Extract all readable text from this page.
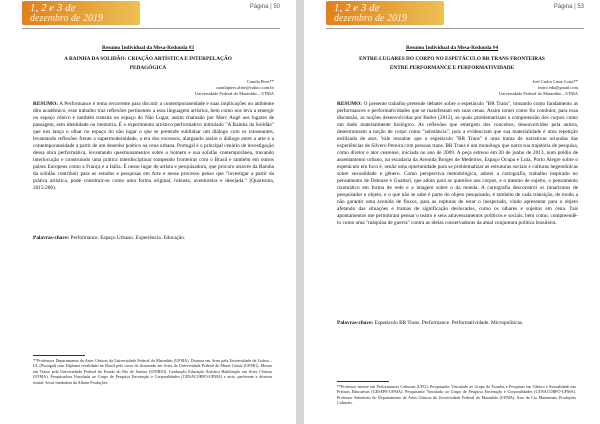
1, 2 e 3 de
dezembro de 2019
Página | 50
Resumo Individual da Mesa-Redonda #3
A RAINHA DA SOLIDÃO: CRIAÇÃO ARTÍSTICA E INTERPELAÇÃO
PEDAGÓGICA
Camila Pires**
camilapires.aline@yahoo.com.br
Universidade Federal do Maranhão – UFMA

RESUMO: A Performance é tema recorrente para discutir a contemporaneidade e suas implicações no ambiente dito acadêmico, esse trabalho traz reflexões pertinentes a essa linguagem artística, bem como nos leva a emergir no espaço cênico e também transita no espaço do Não Lugar, assim chamado por Marc Augé aos lugares de passagem, sem identidade ou memória. É o experimento artístico performativo intitulado "A Rainha da Solidão" que nos lança o olhar no espaço do não lugar o que se pretende sublinhar um diálogo com os transeuntes, levantando reflexões frente a supermodernidade, a era dos excessos, alargando assim o diálogo entre a arte e a contemporaneidade a partir de um desenho poético na cena urbana. Portugal é o principal cenário de investigação dessa obra performática, levantando questionamentos sobre o homem e sua solidão contemporânea, travando interlocução e construindo uma prática interdisciplinar rompendo fronteiras com o Brasil e também em outros países Europeus como a França e a Itália. É nesse lugar de artista e pesquisadora, que procuro através da Rainha da solidão contribuir para os estudos e pesquisas em Arte e nesse processo penso que "investigar a partir da prática artística, pode constituir-se como uma forma original, robusta, aventureira e desejada." (Quaresma, 2015:206).

Palavras-chave: Performance. Espaço Urbano. Experiência. Educação.

**Professora Departamento de Artes Cênicas da Universidade Federal do Maranhão (UFMA). Doutora em Artes pela Universidade de Lisboa – UL (Portugal) com Diploma revalidado no Brasil pelo curso de doutorado em Artes da Universidade Federal de Minas Gerais (UFMG). Mestra em Teatro pela Universidade Federal do Estado do Rio de Janeiro (UNIRIO). Graduação Educação Artística Habilitação em Artes Cênicas (UFMA). Pesquisadora Vinculada ao Grupo de Pesquisa Encenação e Corporalidades (CENACORPO-UFMA) e atriz, performer e diretora teatral. Sócia fundadora da Alfaiar Produções.

1, 2 e 3 de
dezembro de 2019
Página | 53
Resumo Individual da Mesa-Redonda #4
ENTRE-LUGARES DO CORPO NO ESPETÁCULO BR TRANS FRONTEIRAS
ENTRE PERFORMANCE E PERFORMATIVIDADE
Joel Carlos Lima Costa**
teatro.edu@gmail.com
Universidade Federal do Maranhão – UFMA

RESUMO: O presente trabalho pretende debater sobre o espetáculo "BR Trans", tomando como fundamento as performances e performatividades que se manifestam em suas cenas. Assim tomei como fio condutor, para essa discussão, as noções desenvolvidas por Butler (2012), as quais problematizam a compreensão dos corpos como um dado materialmente biológico. As reflexões que emergem dos conceitos, desenvolvidos pela autora, desestruturam a noção de corpo como "substância", pois a evidenciam que sua materialidade é uma repetição estilizada de atos. Vale ressaltar que o espetáculo "BR Trans" é uma trama de narrativas oriundas das experiências de Silvero Pereira com pessoas trans. BR Trans é um monólogo que narra sua trajetória de pesquisa, como diretor e ator cearense, iniciada no ano de 2009. A peça estreou em 20 de junho de 2013, num prédio de assentamento urbano, na escadaria da Avenida Borges de Medeiros, Espaço Ocupa e Luta, Porto Alegre sobre o espetáculo em foco é, senão uma oportunidade para se problematizar as estruturas sociais e culturas hegemônicas sobre sexualidade e gênero. Como perspectiva metodológica, adotei a cartografia, trabalho inspirado no pensamento de Deleuze e Guattari, que adoto para as questões aos corpos, e o mesmo de sujeito, o pensamento rizomático em forma de rede e a imagem sobre o da moeda. A cartografia desconstrói os binarismos de pesquisador e objeto, e o que não se sabe é parte do objeto pesquisado, é também de cada transição, de modo a não garantir uma avenida de fluxos, para as rupturas de estar o inesperado, vindo apresentar para o objeto afetando das situações e tramas de significação deslocados, como os olhares e sujeitos em cena. Tais apontamentos me permitiram pensar o teatro e seus atravessamentos políticos e sociais, bem como, compreendê-lo como uma "máquina de guerra" contra as ideias conservadoras da atual conjuntura política brasileira.

Palavras-chave: Espetáculo BR Trans. Performance. Performatividade. Micropolíticas.

**Professor mestre em Performances Culturais (UFG). Pesquisador Vinculado ao Grupo de Estudos e Pesquisas em Gênero e Sexualidade nas Práticas Educativas (GESEPE-UFMA). Pesquisador Vinculado ao Grupo de Pesquisa Encenação e Corporalidades (CENACORPO-UFMA). Professor Substituto do Departamento de Artes Cênicas da Universidade Federal do Maranhão (UFMA). Ator da Cia Mutamento Produções Culturais.
